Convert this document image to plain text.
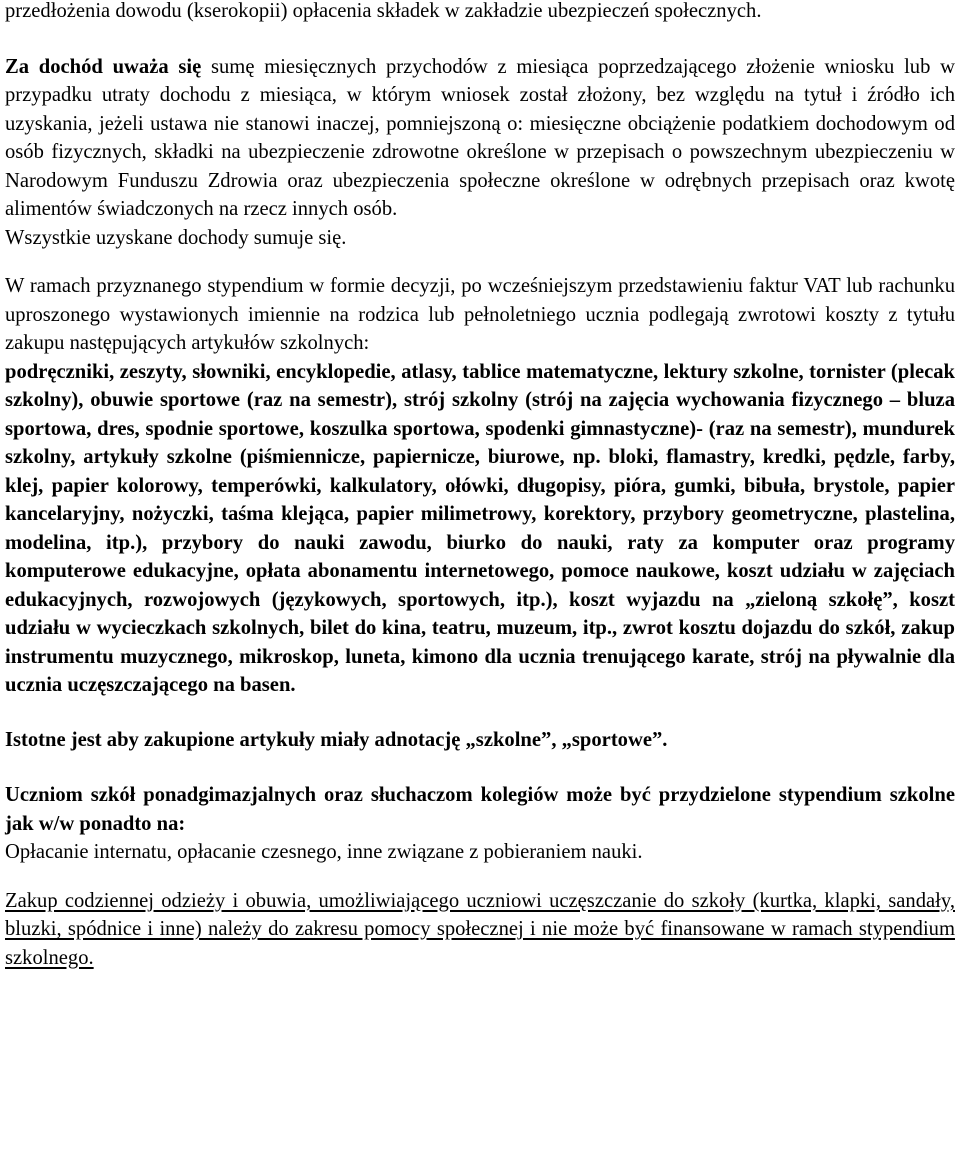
przedłożenia dowodu (kserokopii) opłacenia składek w zakładzie ubezpieczeń społecznych.

Za dochód uważa się sumę miesięcznych przychodów z miesiąca poprzedzającego złożenie wniosku lub w przypadku utraty dochodu z miesiąca, w którym wniosek został złożony, bez względu na tytuł i źródło ich uzyskania, jeżeli ustawa nie stanowi inaczej, pomniejszoną o: miesięczne obciążenie podatkiem dochodowym od osób fizycznych, składki na ubezpieczenie zdrowotne określone w przepisach o powszechnym ubezpieczeniu w Narodowym Funduszu Zdrowia oraz ubezpieczenia społeczne określone w odrębnych przepisach oraz kwotę alimentów świadczonych na rzecz innych osób.

Wszystkie uzyskane dochody sumuje się.

W ramach przyznanego stypendium w formie decyzji, po wcześniejszym przedstawieniu faktur VAT lub rachunku uproszonego wystawionych imiennie na rodzica lub pełnoletniego ucznia podlegają zwrotowi koszty z tytułu zakupu następujących artykułów szkolnych:

podręczniki, zeszyty, słowniki, encyklopedie, atlasy, tablice matematyczne, lektury szkolne, tornister (plecak szkolny), obuwie sportowe (raz na semestr), strój szkolny (strój na zajęcia wychowania fizycznego – bluza sportowa, dres, spodnie sportowe, koszulka sportowa, spodenki gimnastyczne)- (raz na semestr), mundurek szkolny, artykuły szkolne (piśmiennicze, papiernicze, biurowe, np. bloki, flamastry, kredki, pędzle, farby, klej, papier kolorowy, temperówki, kalkulatory, ołówki, długopisy, pióra, gumki, bibuła, brystole, papier kancelaryjny, nożyczki, taśma klejąca, papier milimetrowy, korektory, przybory geometryczne, plastelina, modelina, itp.), przybory do nauki zawodu, biurko do nauki, raty za komputer oraz programy komputerowe edukacyjne, opłata abonamentu internetowego, pomoce naukowe, koszt udziału w zajęciach edukacyjnych, rozwojowych (językowych, sportowych, itp.), koszt wyjazdu na „zieloną szkołę”, koszt udziału w wycieczkach szkolnych, bilet do kina, teatru, muzeum, itp., zwrot kosztu dojazdu do szkół, zakup instrumentu muzycznego, mikroskop, luneta, kimono dla ucznia trenującego karate, strój na pływalnie dla ucznia uczęszczającego na basen.

Istotne jest aby zakupione artykuły miały adnotację „szkolne”, „sportowe”.

Uczniom szkół ponadgimazjalnych oraz słuchaczom kolegiów może być przydzielone stypendium szkolne jak w/w ponadto na:

Opłacanie internatu, opłacanie czesnego, inne związane z pobieraniem nauki.

Zakup codziennej odzieży i obuwia, umożliwiającego uczniowi uczęszczanie do szkoły (kurtka, klapki, sandały, bluzki, spódnice i inne) należy do zakresu pomocy społecznej i nie może być finansowane w ramach stypendium szkolnego.
